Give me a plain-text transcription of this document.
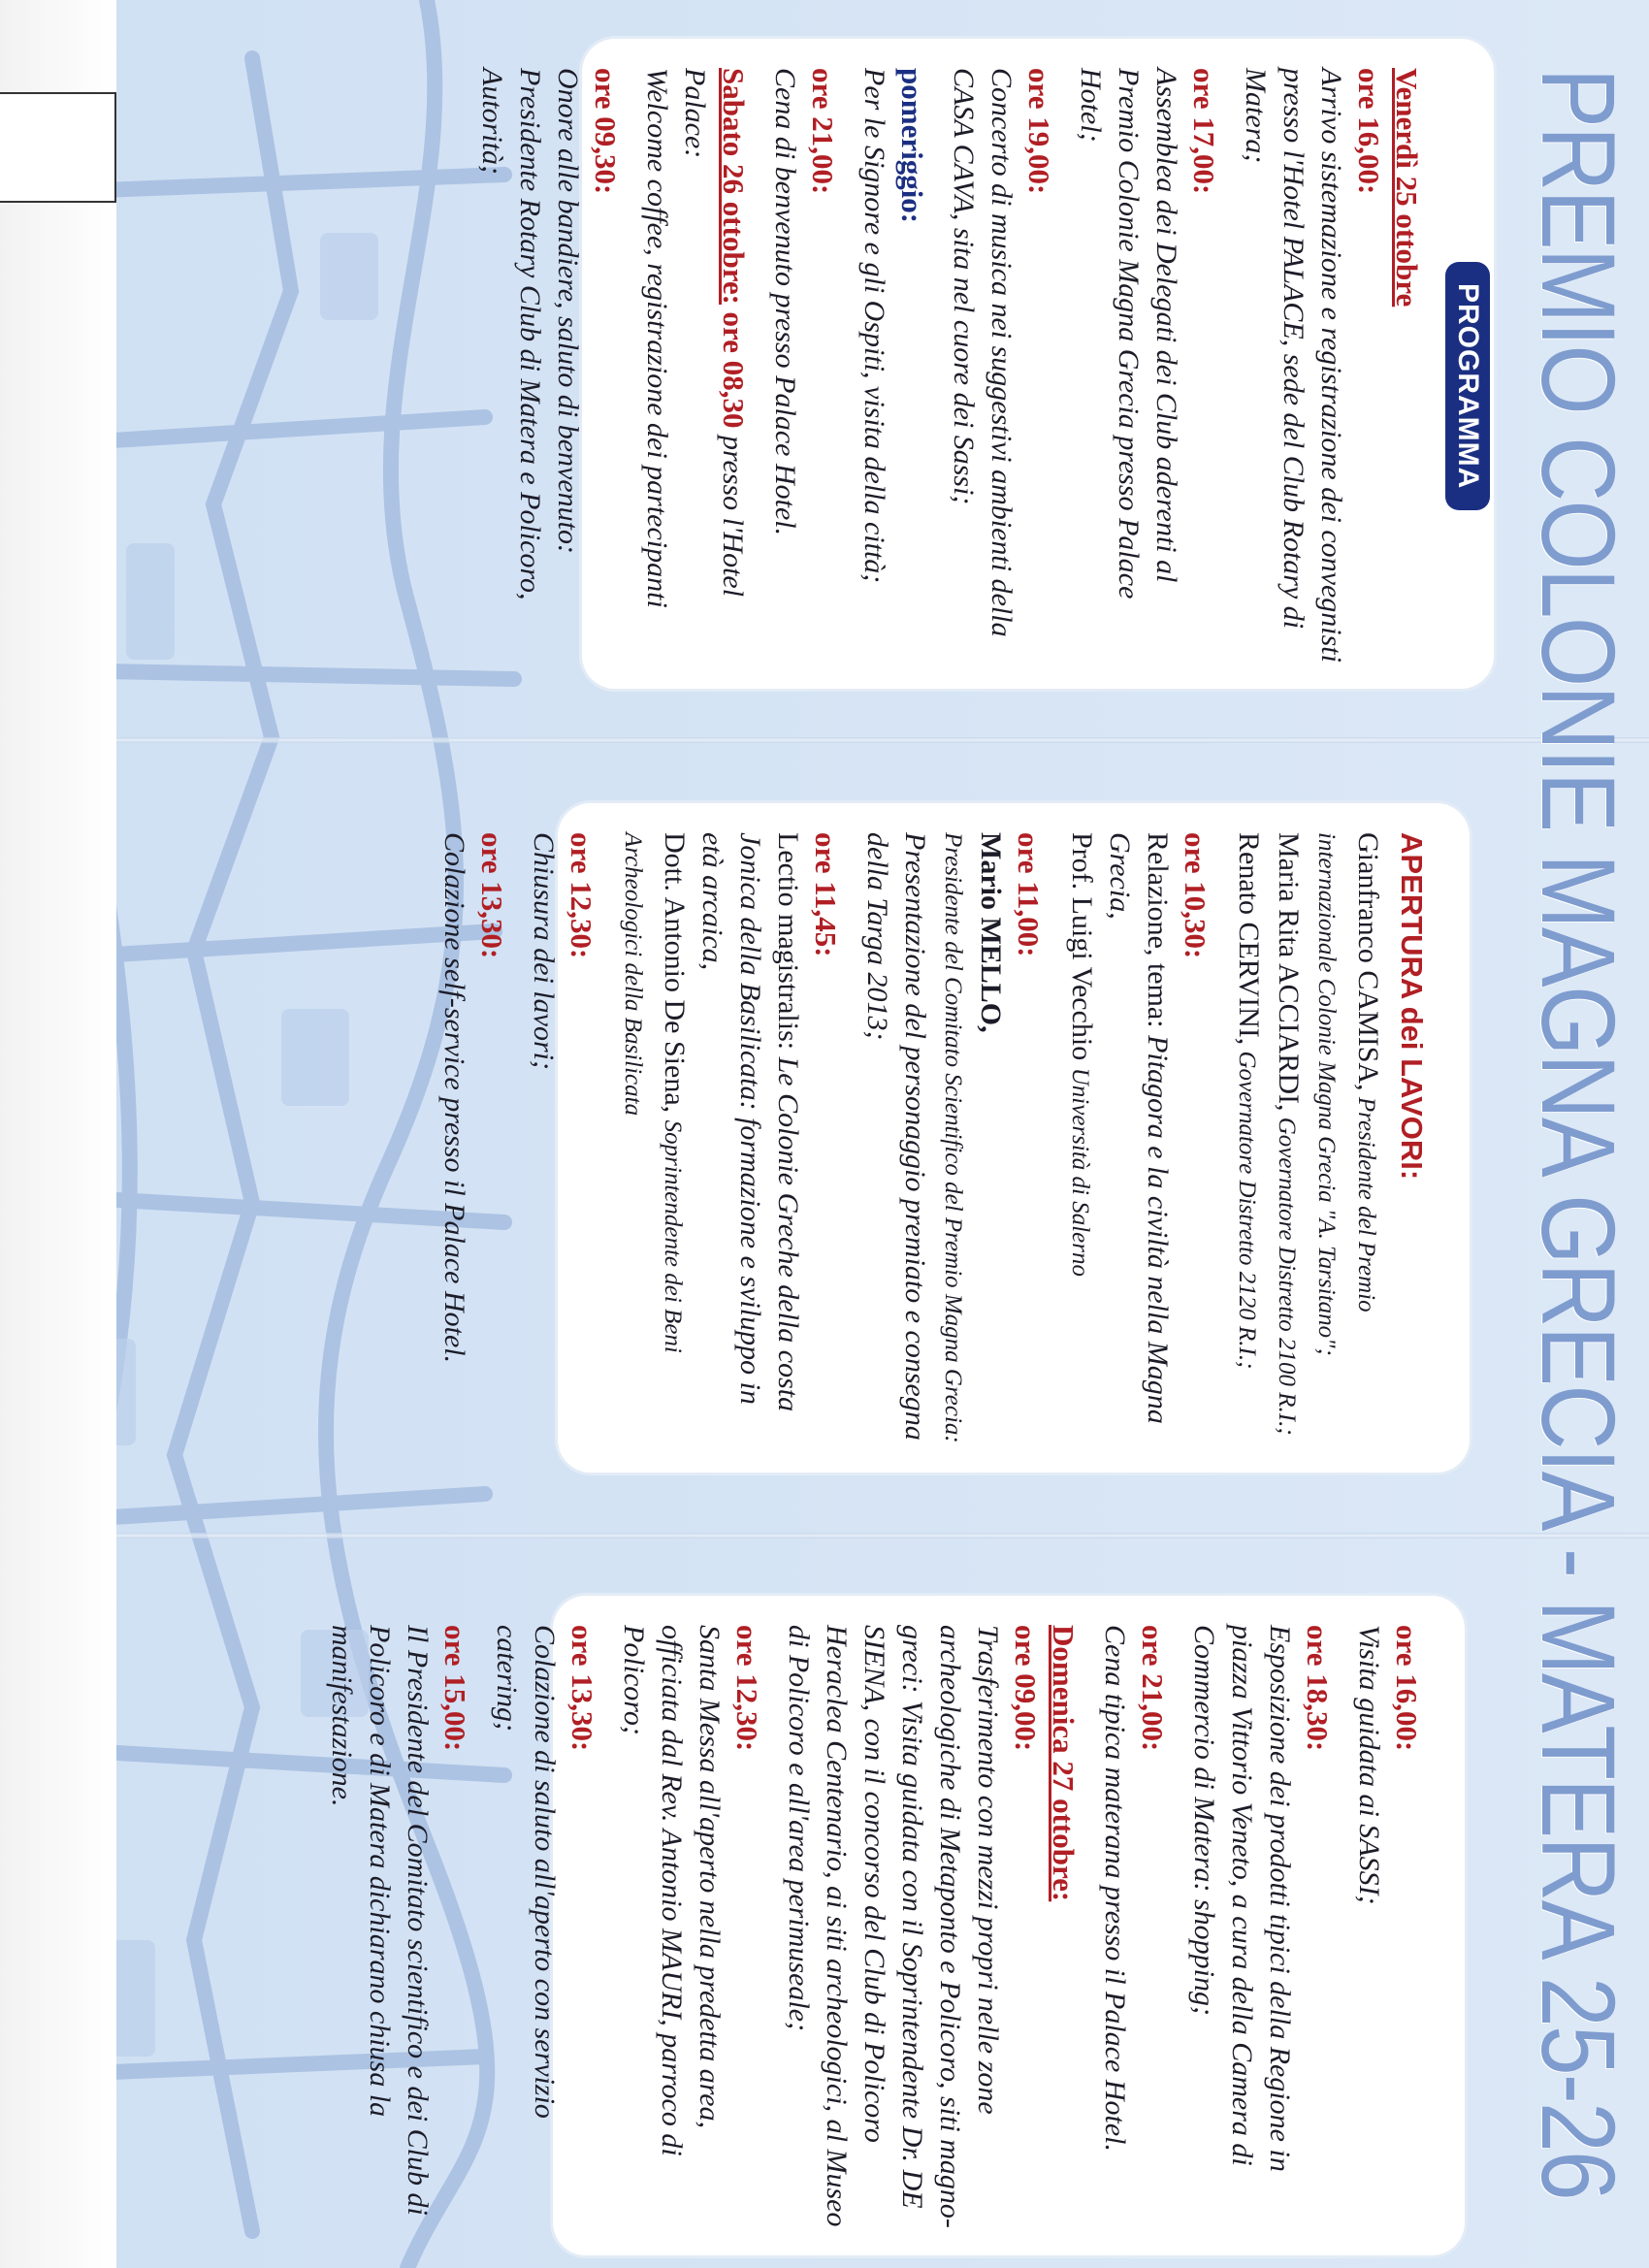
PREMIO COLONIE MAGNA GRECIA - MATERA 25-26
PROGRAMMA
Venerdì 25 ottobre
ore 16,00:
Arrivo sistemazione e registrazione dei convegnisti presso l'Hotel PALACE, sede del Club Rotary di Matera;
ore 17,00:
Assemblea dei Delegati dei Club aderenti al Premio Colonie Magna Grecia presso Palace Hotel;
ore 19,00:
Concerto di musica nei suggestivi ambienti della CASA CAVA, sita nel cuore dei Sassi;
pomeriggio:
Per le Signore e gli Ospiti, visita della città;
ore 21,00:
Cena di benvenuto presso Palace Hotel.
Sabato 26 ottobre: ore 08,30 presso l'Hotel Palace:
Welcome coffee, registrazione dei partecipanti
ore 09,30:
Onore alle bandiere, saluto di benvenuto: Presidente Rotary Club di Matera e Policoro, Autorità;
APERTURA dei LAVORI:
Gianfranco CAMISA, Presidente del Premio internazionale Colonie Magna Grecia "A. Tarsitano";
Maria Rita ACCIARDI, Governatore Distretto 2100 R.I.;
Renato CERVINI, Governatore Distretto 2120 R.I.;
ore 10,30:
Relazione, tema: Pitagora e la civiltà nella Magna Grecia,
Prof. Luigi Vecchio Università di Salerno
ore 11,00:
Mario MELLO,
Presidente del Comitato Scientifico del Premio Magna Grecia:
Presentazione del personaggio premiato e consegna della Targa 2013;
ore 11,45:
Lectio magistralis: Le Colonie Greche della costa Jonica della Basilicata: formazione e sviluppo in età arcaica,
Dott. Antonio De Siena, Soprintendente dei Beni Archeologici della Basilicata
ore 12,30:
Chiusura dei lavori;
ore 13,30:
Colazione self-service presso il Palace Hotel.
ore 16,00:
Visita guidata ai SASSI;
ore 18,30:
Esposizione dei prodotti tipici della Regione in piazza Vittorio Veneto, a cura della Camera di Commercio di Matera: shopping;
ore 21,00:
Cena tipica materana presso il Palace Hotel.
Domenica 27 ottobre:
ore 09,00:
Trasferimento con mezzi propri nelle zone archeologiche di Metaponto e Policoro, siti magno-greci: Visita guidata con il Soprintendente Dr. DE SIENA, con il concorso del Club di Policoro Heraclea Centenario, ai siti archeologici, al Museo di Policoro e all'area perimuseale;
ore 12,30:
Santa Messa all'aperto nella predetta area, officiata dal Rev. Antonio MAURI, parroco di Policoro;
ore 13,30:
Colazione di saluto all'aperto con servizio catering;
ore 15,00:
Il Presidente del Comitato scientifico e dei Club di Policoro e di Matera dichiarano chiusa la manifestazione.
